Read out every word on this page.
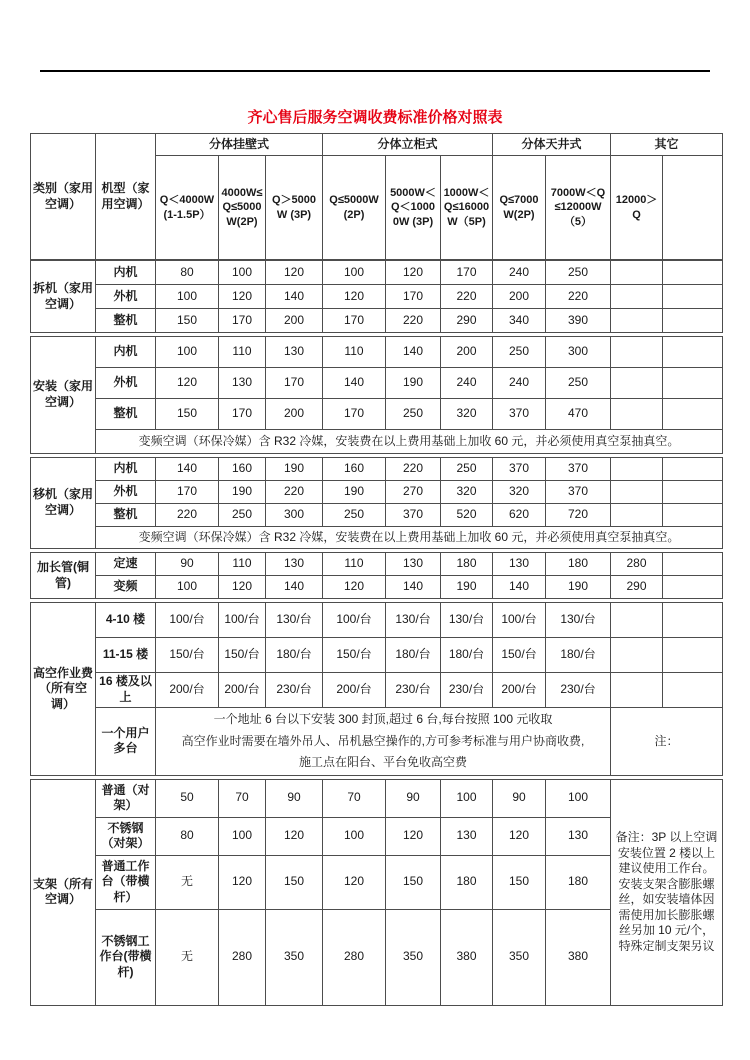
齐心售后服务空调收费标准价格对照表
类别（家用空调）	机型（家用空调）	分体挂壁式			分体立柜式			分体天井式		其它	
		Q＜4000W (1-1.5P）	4000W≤Q≤5000W(2P)	Q＞5000W (3P)	Q≤5000W(2P)	5000W＜Q＜10000W (3P)	1000W＜Q≤16000W（5P)	Q≤7000W(2P)	7000W＜Q≤12000W（5）	12000＞Q	
拆机（家用空调）	内机	80	100	120	100	120	170	240	250		
	外机	100	120	140	120	170	220	200	220		
	整机	150	170	200	170	220	290	340	390		
安装（家用空调）	内机	100	110	130	110	140	200	250	300		
	外机	120	130	170	140	190	240	240	250		
	整机	150	170	200	170	250	320	370	470		
	变频空调（环保冷媒）含 R32 冷媒，安装费在以上费用基础上加收 60 元，并必须使用真空泵抽真空。										
移机（家用空调）	内机	140	160	190	160	220	250	370	370		
	外机	170	190	220	190	270	320	320	370		
	整机	220	250	300	250	370	520	620	720		
	变频空调（环保冷媒）含 R32 冷媒，安装费在以上费用基础上加收 60 元，并必须使用真空泵抽真空。										
加长管(铜管)	定速	90	110	130	110	130	180	130	180	280	
	变频	100	120	140	120	140	190	140	190	290	
高空作业费（所有空调）	4-10 楼	100/台	100/台	130/台	100/台	130/台	130/台	100/台	130/台		
	11-15 楼	150/台	150/台	180/台	150/台	180/台	180/台	150/台	180/台		
	16 楼及以上	200/台	200/台	230/台	200/台	230/台	230/台	200/台	230/台		
	一个用户多台	一个地址 6 台以下安装 300 封顶,超过 6 台,每台按照 100 元收取
高空作业时需要在墙外吊人、吊机悬空操作的,方可参考标准与用户协商收费,
施工点在阳台、平台免收高空费								注：	
支架（所有空调）	普通（对架）	50	70	90	70	90	100	90	100	备注：3P 以上空调安装位置 2 楼以上建议使用工作台。安装支架含膨胀螺丝，如安装墙体因需使用加长膨胀螺丝另加 10 元/个，特殊定制支架另议
	不锈钢（对架）	80	100	120	100	120	130	120	130	
	普通工作台（带横杆）	无	120	150	120	150	180	150	180	
	不锈钢工作台(带横杆)	无	280	350	280	350	380	350	380	
